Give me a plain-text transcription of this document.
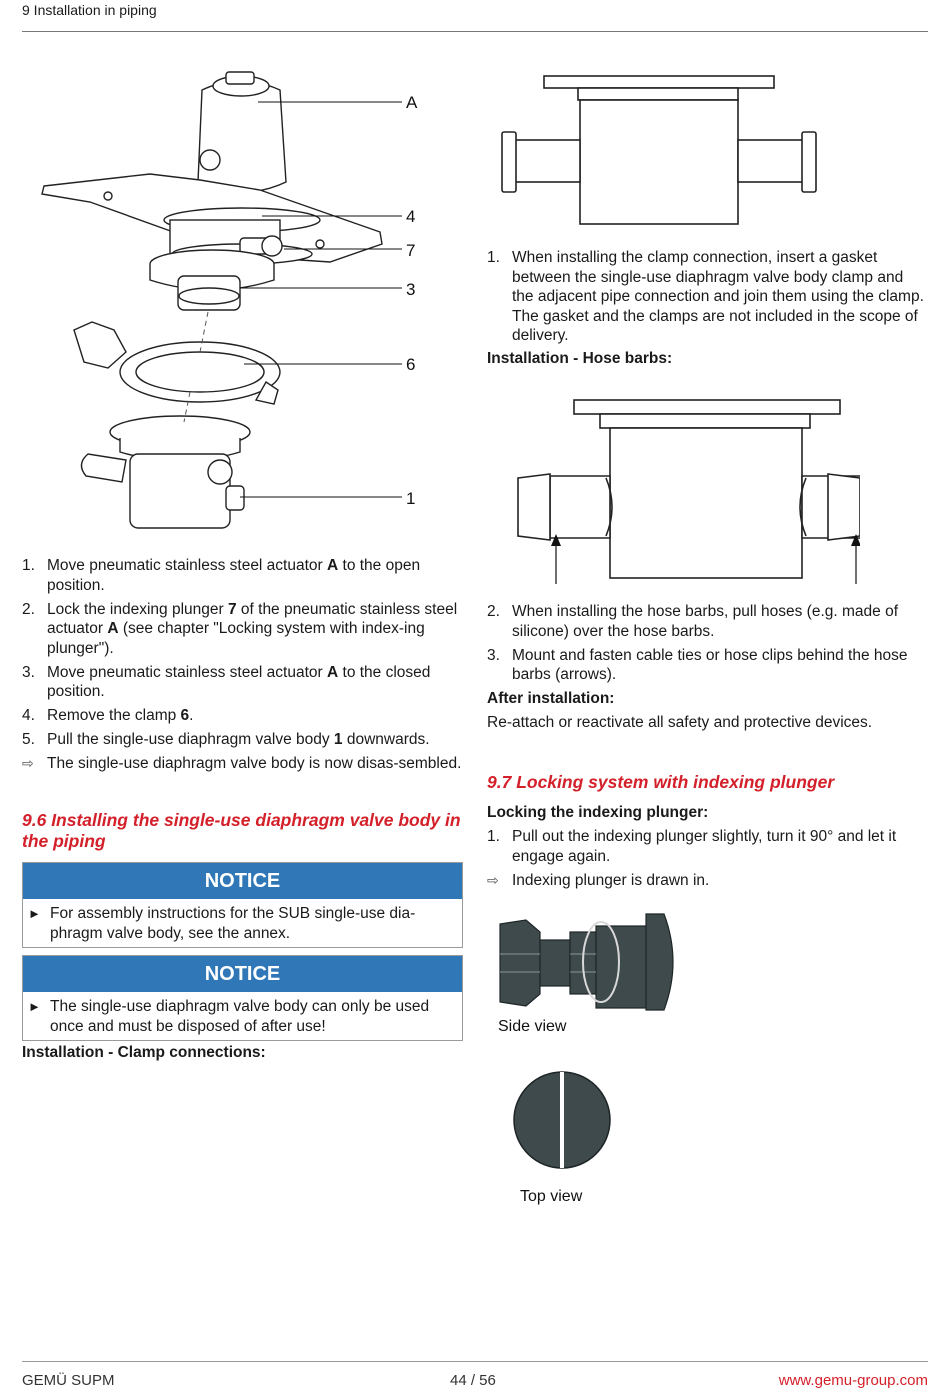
9 Installation in piping
A
4
7
3
6
1
1. Move pneumatic stainless steel actuator A to the open position.
2. Lock the indexing plunger 7 of the pneumatic stainless steel actuator A (see chapter "Locking system with index-ing plunger").
3. Move pneumatic stainless steel actuator A to the closed position.
4. Remove the clamp 6.
5. Pull the single-use diaphragm valve body 1 downwards.
⇨ The single-use diaphragm valve body is now disas-sembled.
9.6 Installing the single-use diaphragm valve body in the piping
NOTICE
► For assembly instructions for the SUB single-use dia-phragm valve body, see the annex.
NOTICE
► The single-use diaphragm valve body can only be used once and must be disposed of after use!
Installation - Clamp connections:
1. When installing the clamp connection, insert a gasket between the single-use diaphragm valve body clamp and the adjacent pipe connection and join them using the clamp. The gasket and the clamps are not included in the scope of delivery.
Installation - Hose barbs:
2. When installing the hose barbs, pull hoses (e.g. made of silicone) over the hose barbs.
3. Mount and fasten cable ties or hose clips behind the hose barbs (arrows).
After installation:
Re-attach or reactivate all safety and protective devices.
9.7 Locking system with indexing plunger
Locking the indexing plunger:
1. Pull out the indexing plunger slightly, turn it 90° and let it engage again.
⇨ Indexing plunger is drawn in.
Side view
Top view
GEMÜ SUPM	44 / 56	www.gemu-group.com
